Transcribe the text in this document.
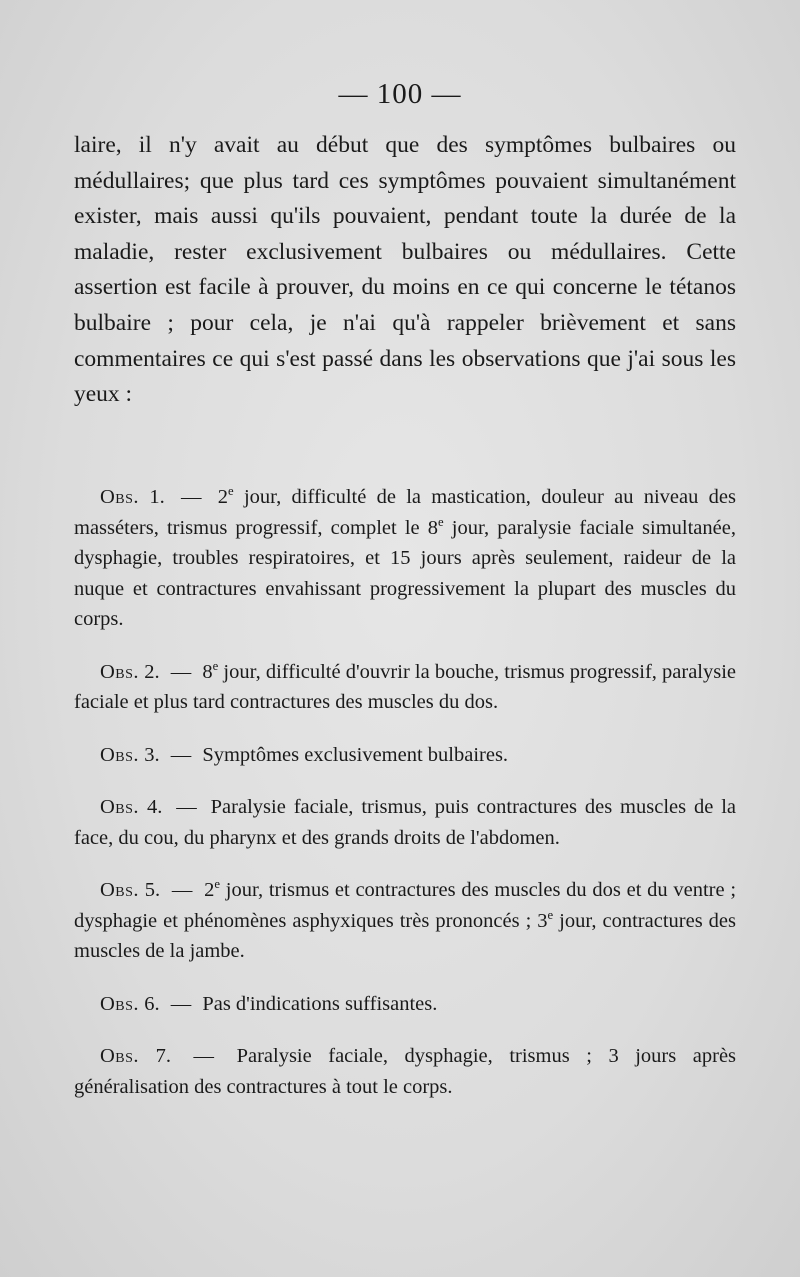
— 100 —

laire, il n'y avait au début que des symptômes bulbaires ou médullaires; que plus tard ces symptômes pouvaient simultanément exister, mais aussi qu'ils pouvaient, pendant toute la durée de la maladie, rester exclusivement bulbaires ou médullaires. Cette assertion est facile à prouver, du moins en ce qui concerne le tétanos bulbaire ; pour cela, je n'ai qu'à rappeler brièvement et sans commentaires ce qui s'est passé dans les observations que j'ai sous les yeux :

Obs. 1. — 2e jour, difficulté de la mastication, douleur au niveau des masséters, trismus progressif, complet le 8e jour, paralysie faciale simultanée, dysphagie, troubles respiratoires, et 15 jours après seulement, raideur de la nuque et contractures envahissant progressivement la plupart des muscles du corps.

Obs. 2. — 8e jour, difficulté d'ouvrir la bouche, trismus progressif, paralysie faciale et plus tard contractures des muscles du dos.

Obs. 3. — Symptômes exclusivement bulbaires.

Obs. 4. — Paralysie faciale, trismus, puis contractures des muscles de la face, du cou, du pharynx et des grands droits de l'abdomen.

Obs. 5. — 2e jour, trismus et contractures des muscles du dos et du ventre ; dysphagie et phénomènes asphyxiques très prononcés ; 3e jour, contractures des muscles de la jambe.

Obs. 6. — Pas d'indications suffisantes.

Obs. 7. — Paralysie faciale, dysphagie, trismus ; 3 jours après généralisation des contractures à tout le corps.
